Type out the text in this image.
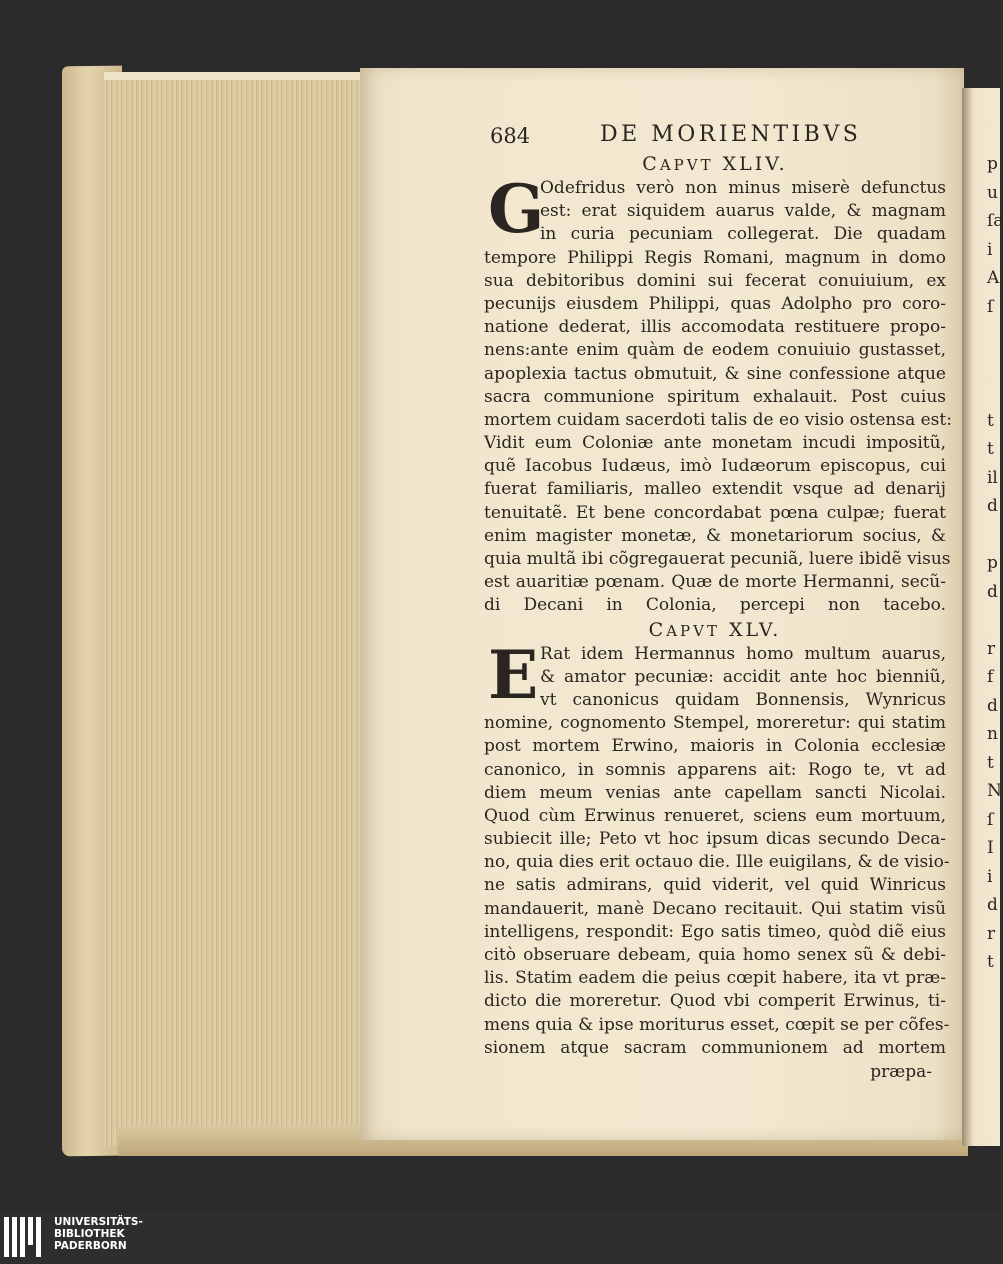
p
u
ſa
i
A
ſ
t
t
il
d
p
d
r
f
d
n
t
N
ſ
I
i
d
r
t
684	DE MORIENTIBVS
CAPVT XLIV.
G
Odefridus verò non minus miserè defunctus
est: erat siquidem auarus valde, & magnam
in curia pecuniam collegerat. Die quadam
tempore Philippi Regis Romani, magnum in domo
sua debitoribus domini sui fecerat conuiuium, ex
pecunijs eiusdem Philippi, quas Adolpho pro coro-
natione dederat, illis accomodata restituere propo-
nens:ante enim quàm de eodem conuiuio gustasset,
apoplexia tactus obmutuit, & sine confessione atque
sacra communione spiritum exhalauit. Post cuius
mortem cuidam sacerdoti talis de eo visio ostensa est:
Vidit eum Coloniæ ante monetam incudi impositũ,
quẽ Iacobus Iudæus, imò Iudæorum episcopus, cui
fuerat familiaris, malleo extendit vsque ad denarij
tenuitatẽ. Et bene concordabat pœna culpæ; fuerat
enim magister monetæ, & monetariorum socius, &
quia multã ibi cõgregauerat pecuniã, luere ibidẽ visus
est auaritiæ pœnam. Quæ de morte Hermanni, secũ-
di Decani in Colonia, percepi non tacebo.
CAPVT XLV.
E Rat idem Hermannus homo multum auarus,
& amator pecuniæ: accidit ante hoc bienniũ,
vt canonicus quidam Bonnensis, Wynricus
nomine, cognomento Stempel, moreretur: qui statim
post mortem Erwino, maioris in Colonia ecclesiæ
canonico, in somnis apparens ait: Rogo te, vt ad
diem meum venias ante capellam sancti Nicolai.
Quod cùm Erwinus renueret, sciens eum mortuum,
subiecit ille; Peto vt hoc ipsum dicas secundo Deca-
no, quia dies erit octauo die. Ille euigilans, & de visio-
ne satis admirans, quid viderit, vel quid Winricus
mandauerit, manè Decano recitauit. Qui statim visũ
intelligens, respondit: Ego satis timeo, quòd diẽ eius
citò obseruare debeam, quia homo senex sũ & debi-
lis. Statim eadem die peius cœpit habere, ita vt præ-
dicto die moreretur. Quod vbi comperit Erwinus, ti-
mens quia & ipse moriturus esset, cœpit se per cõfes-
sionem atque sacram communionem ad mortem
præpa-
UNIVERSITÄTS-
BIBLIOTHEK
PADERBORN
